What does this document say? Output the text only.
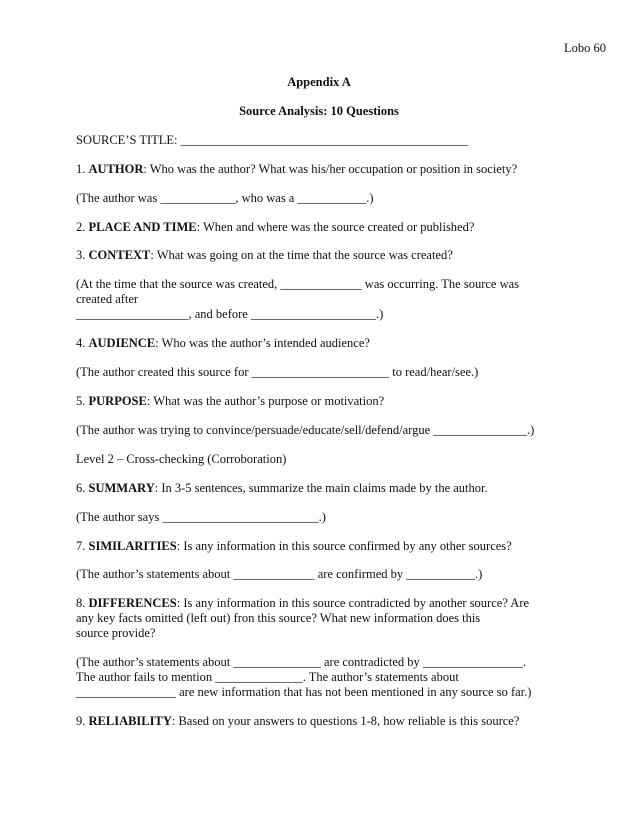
Lobo 60
Appendix A
Source Analysis: 10 Questions
SOURCE’S TITLE: ______________________________________________
1. AUTHOR: Who was the author? What was his/her occupation or position in society?
(The author was ____________, who was a ___________.)
2. PLACE AND TIME: When and where was the source created or published?
3. CONTEXT: What was going on at the time that the source was created?
(At the time that the source was created, _____________ was occurring. The source was
created after
__________________, and before ____________________.)
4. AUDIENCE: Who was the author’s intended audience?
(The author created this source for ______________________ to read/hear/see.)
5. PURPOSE: What was the author’s purpose or motivation?
(The author was trying to convince/persuade/educate/sell/defend/argue _______________.)
Level 2 – Cross-checking (Corroboration)
6. SUMMARY: In 3-5 sentences, summarize the main claims made by the author.
(The author says _________________________.)
7. SIMILARITIES: Is any information in this source confirmed by any other sources?
(The author’s statements about _____________ are confirmed by ___________.)
8. DIFFERENCES: Is any information in this source contradicted by another source? Are
any key facts omitted (left out) fron this source? What new information does this
source provide?
(The author’s statements about ______________ are contradicted by ________________.
The author fails to mention ______________. The author’s statements about
________________ are new information that has not been mentioned in any source so far.)
9. RELIABILITY: Based on your answers to questions 1-8, how reliable is this source?
